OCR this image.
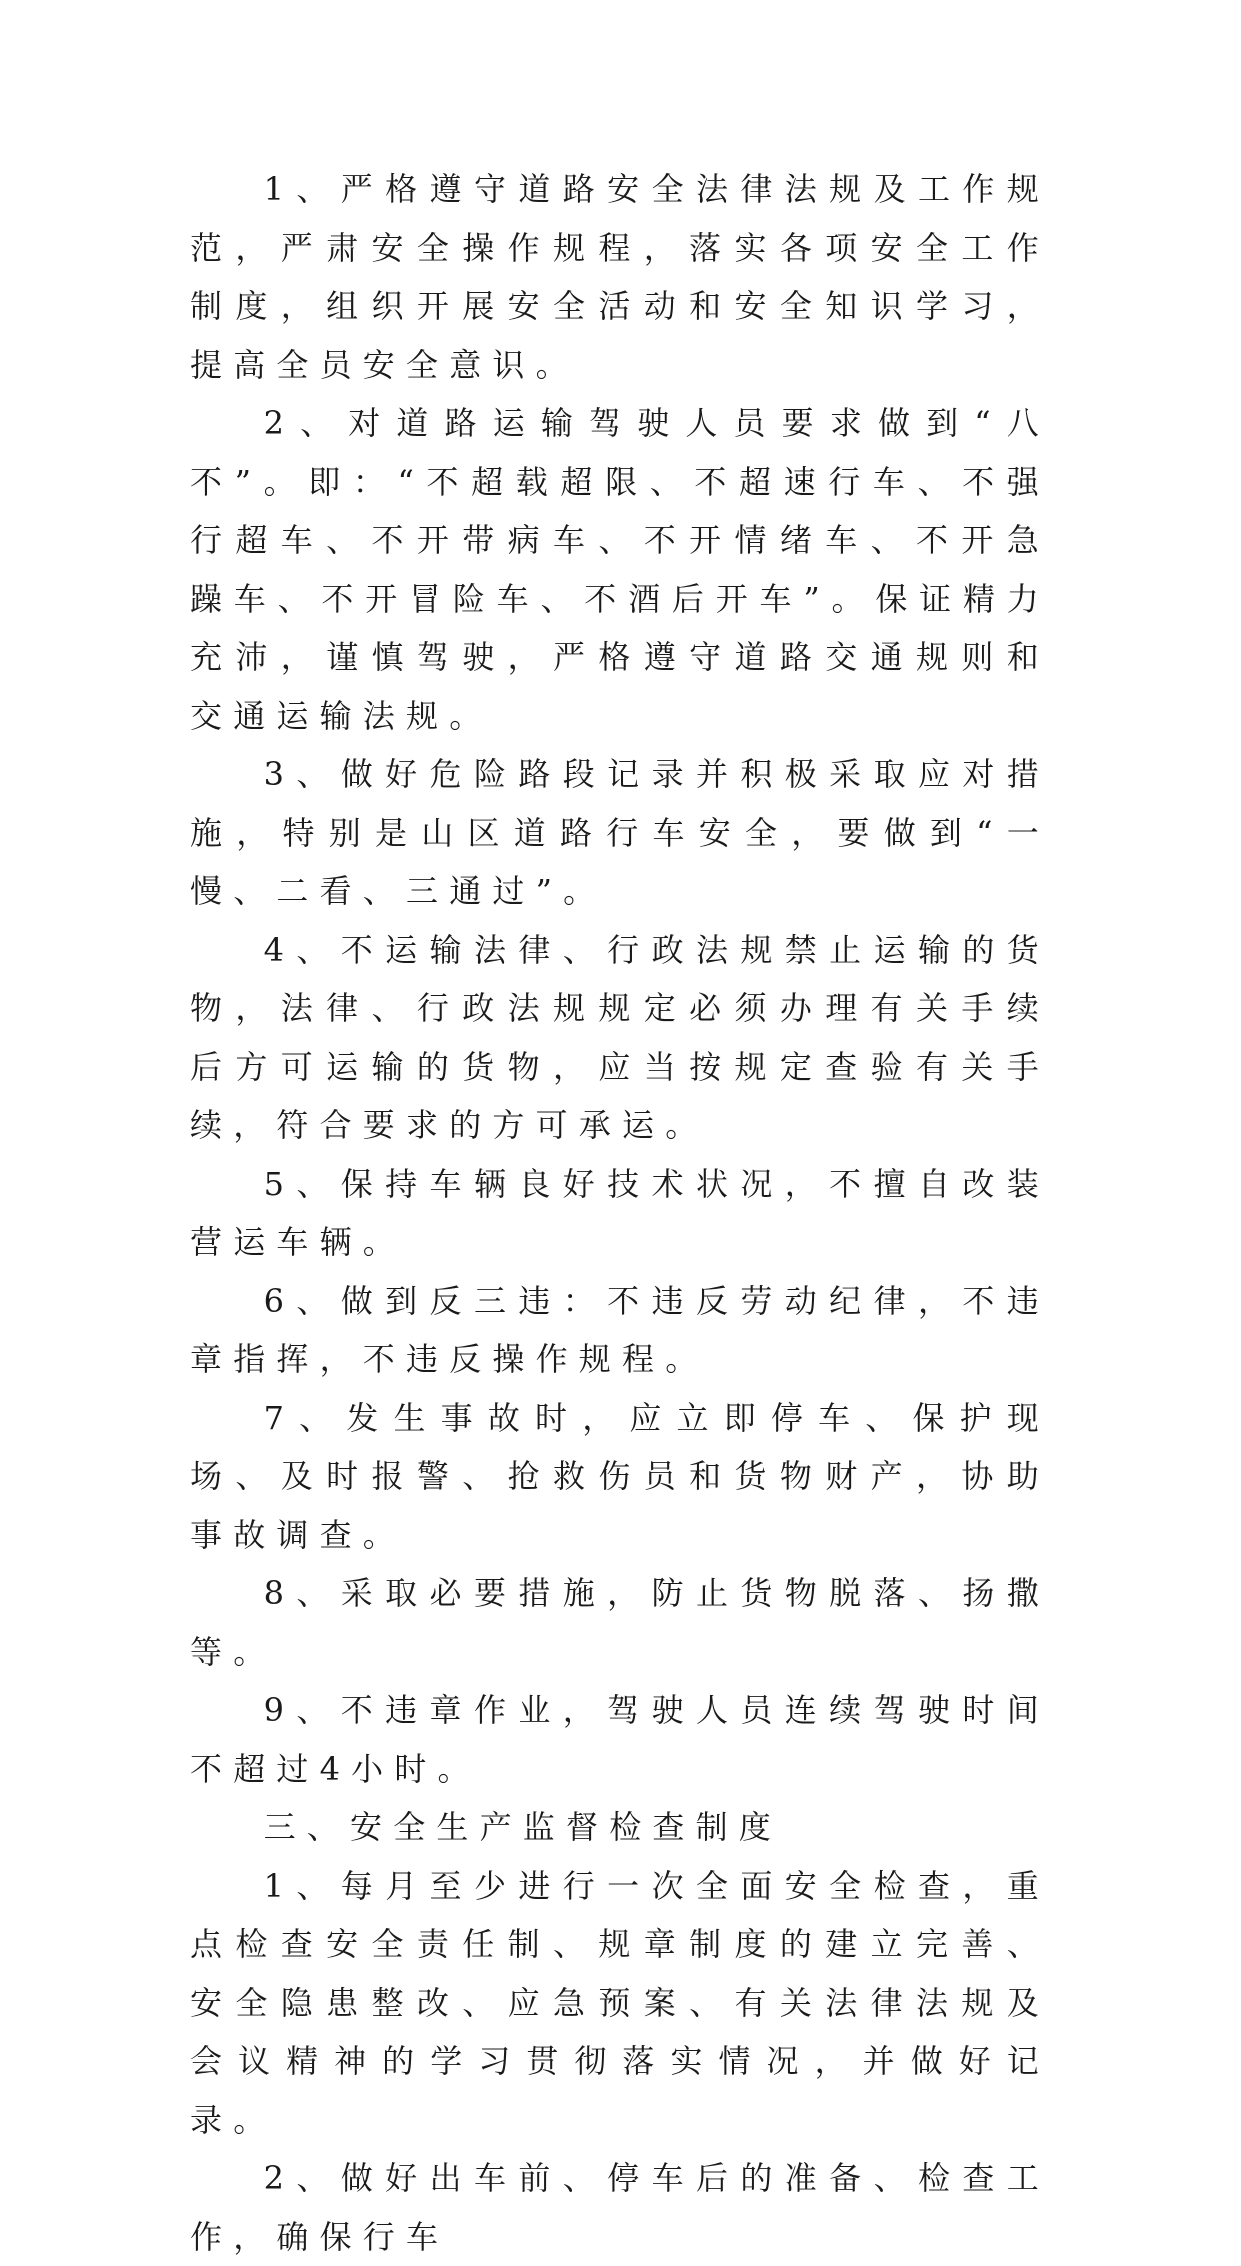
1、严格遵守道路安全法律法规及工作规范，严肃安全操作规程，落实各项安全工作制度，组织开展安全活动和安全知识学习，提高全员安全意识。

2、对道路运输驾驶人员要求做到“八不”。即：“不超载超限、不超速行车、不强行超车、不开带病车、不开情绪车、不开急躁车、不开冒险车、不酒后开车”。保证精力充沛，谨慎驾驶，严格遵守道路交通规则和交通运输法规。

3、做好危险路段记录并积极采取应对措施，特别是山区道路行车安全，要做到“一慢、二看、三通过”。

4、不运输法律、行政法规禁止运输的货物，法律、行政法规规定必须办理有关手续后方可运输的货物，应当按规定查验有关手续，符合要求的方可承运。

5、保持车辆良好技术状况，不擅自改装营运车辆。

6、做到反三违：不违反劳动纪律，不违章指挥，不违反操作规程。

7、发生事故时，应立即停车、保护现场、及时报警、抢救伤员和货物财产，协助事故调查。

8、采取必要措施，防止货物脱落、扬撒等。

9、不违章作业，驾驶人员连续驾驶时间不超过4小时。

三、安全生产监督检查制度

1、每月至少进行一次全面安全检查，重点检查安全责任制、规章制度的建立完善、安全隐患整改、应急预案、有关法律法规及会议精神的学习贯彻落实情况，并做好记录。

2、做好出车前、停车后的准备、检查工作，确保行车
